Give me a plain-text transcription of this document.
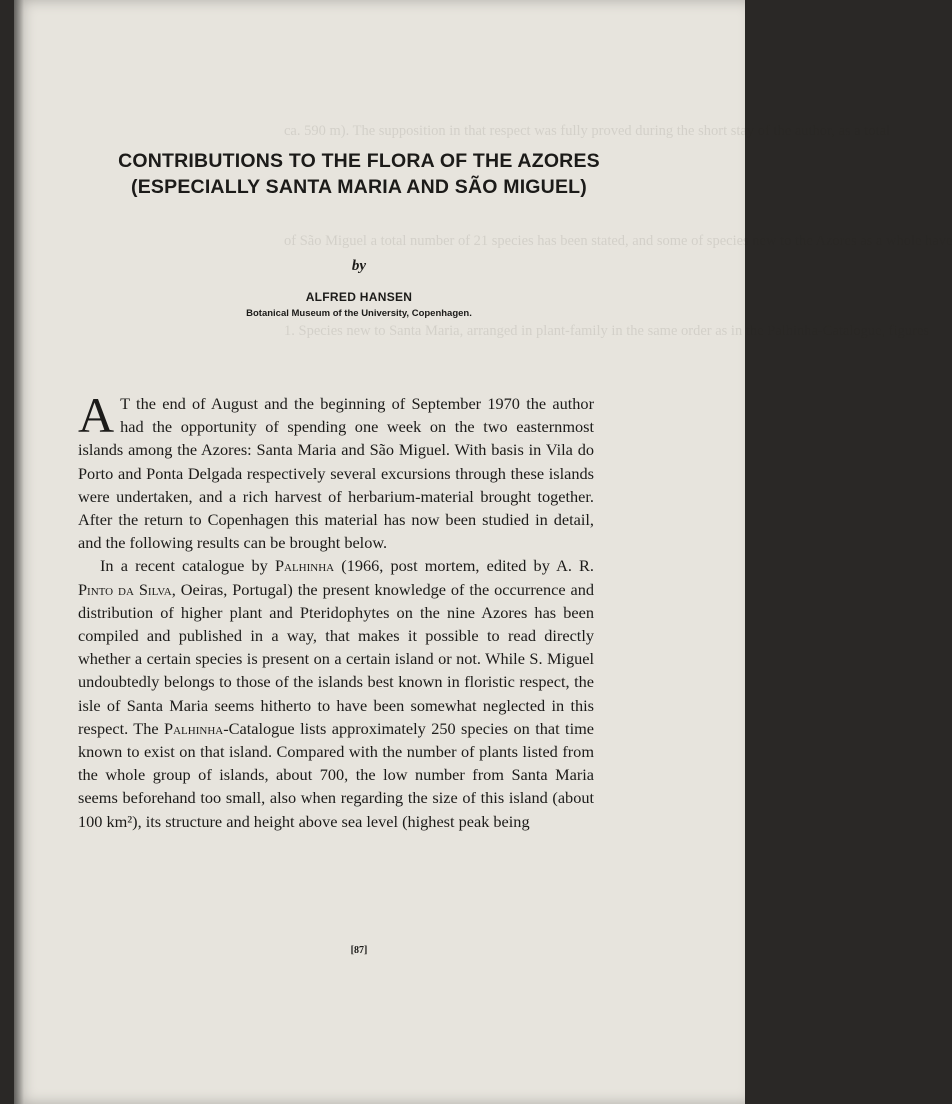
ca. 590 m). The supposition in that respect was fully proved during the short stay of the author, as a total
of São Miguel a total number of 21 species has been stated, and some of species new to the Azores as a whole have
1. Species new to Santa Maria, arranged in plant-family in the same order as in the Palhinha-Catalogue, figures
CONTRIBUTIONS TO THE FLORA OF THE AZORES (ESPECIALLY SANTA MARIA AND SÃO MIGUEL)
by
ALFRED HANSEN
Botanical Museum of the University, Copenhagen.

A T the end of August and the beginning of September 1970 the author had the opportunity of spending one week on the two easternmost islands among the Azores: Santa Maria and São Miguel. With basis in Vila do Porto and Ponta Delgada respectively several excursions through these islands were undertaken, and a rich harvest of herbarium-material brought together. After the return to Copenhagen this material has now been studied in detail, and the following results can be brought below.

In a recent catalogue by Palhinha (1966, post mortem, edited by A. R. Pinto da Silva, Oeiras, Portugal) the present knowledge of the occurrence and distribution of higher plant and Pteridophytes on the nine Azores has been compiled and published in a way, that makes it possible to read directly whether a certain species is present on a certain island or not. While S. Miguel undoubtedly belongs to those of the islands best known in floristic respect, the isle of Santa Maria seems hitherto to have been somewhat neglected in this respect. The Palhinha-Catalogue lists approximately 250 species on that time known to exist on that island. Compared with the number of plants listed from the whole group of islands, about 700, the low number from Santa Maria seems beforehand too small, also when regarding the size of this island (about 100 km²), its structure and height above sea level (highest peak being

[87]
